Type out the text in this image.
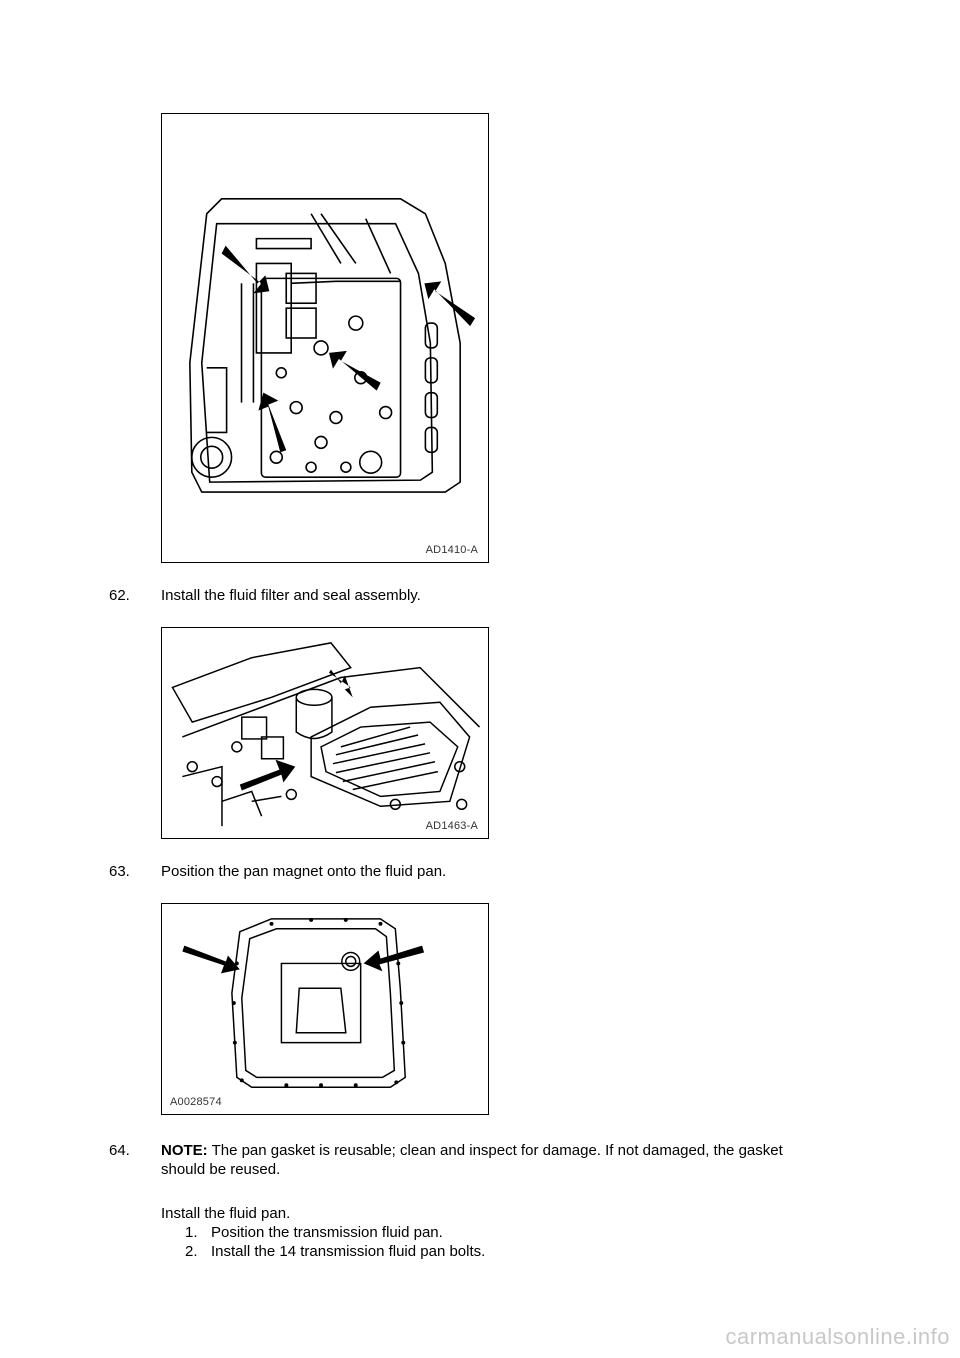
AD1410-A
62. Install the fluid filter and seal assembly.
AD1463-A
63. Position the pan magnet onto the fluid pan.
A0028574
64. NOTE: The pan gasket is reusable; clean and inspect for damage. If not damaged, the gasket
should be reused.
Install the fluid pan.
1. Position the transmission fluid pan.
2. Install the 14 transmission fluid pan bolts.
carmanualsonline.info
